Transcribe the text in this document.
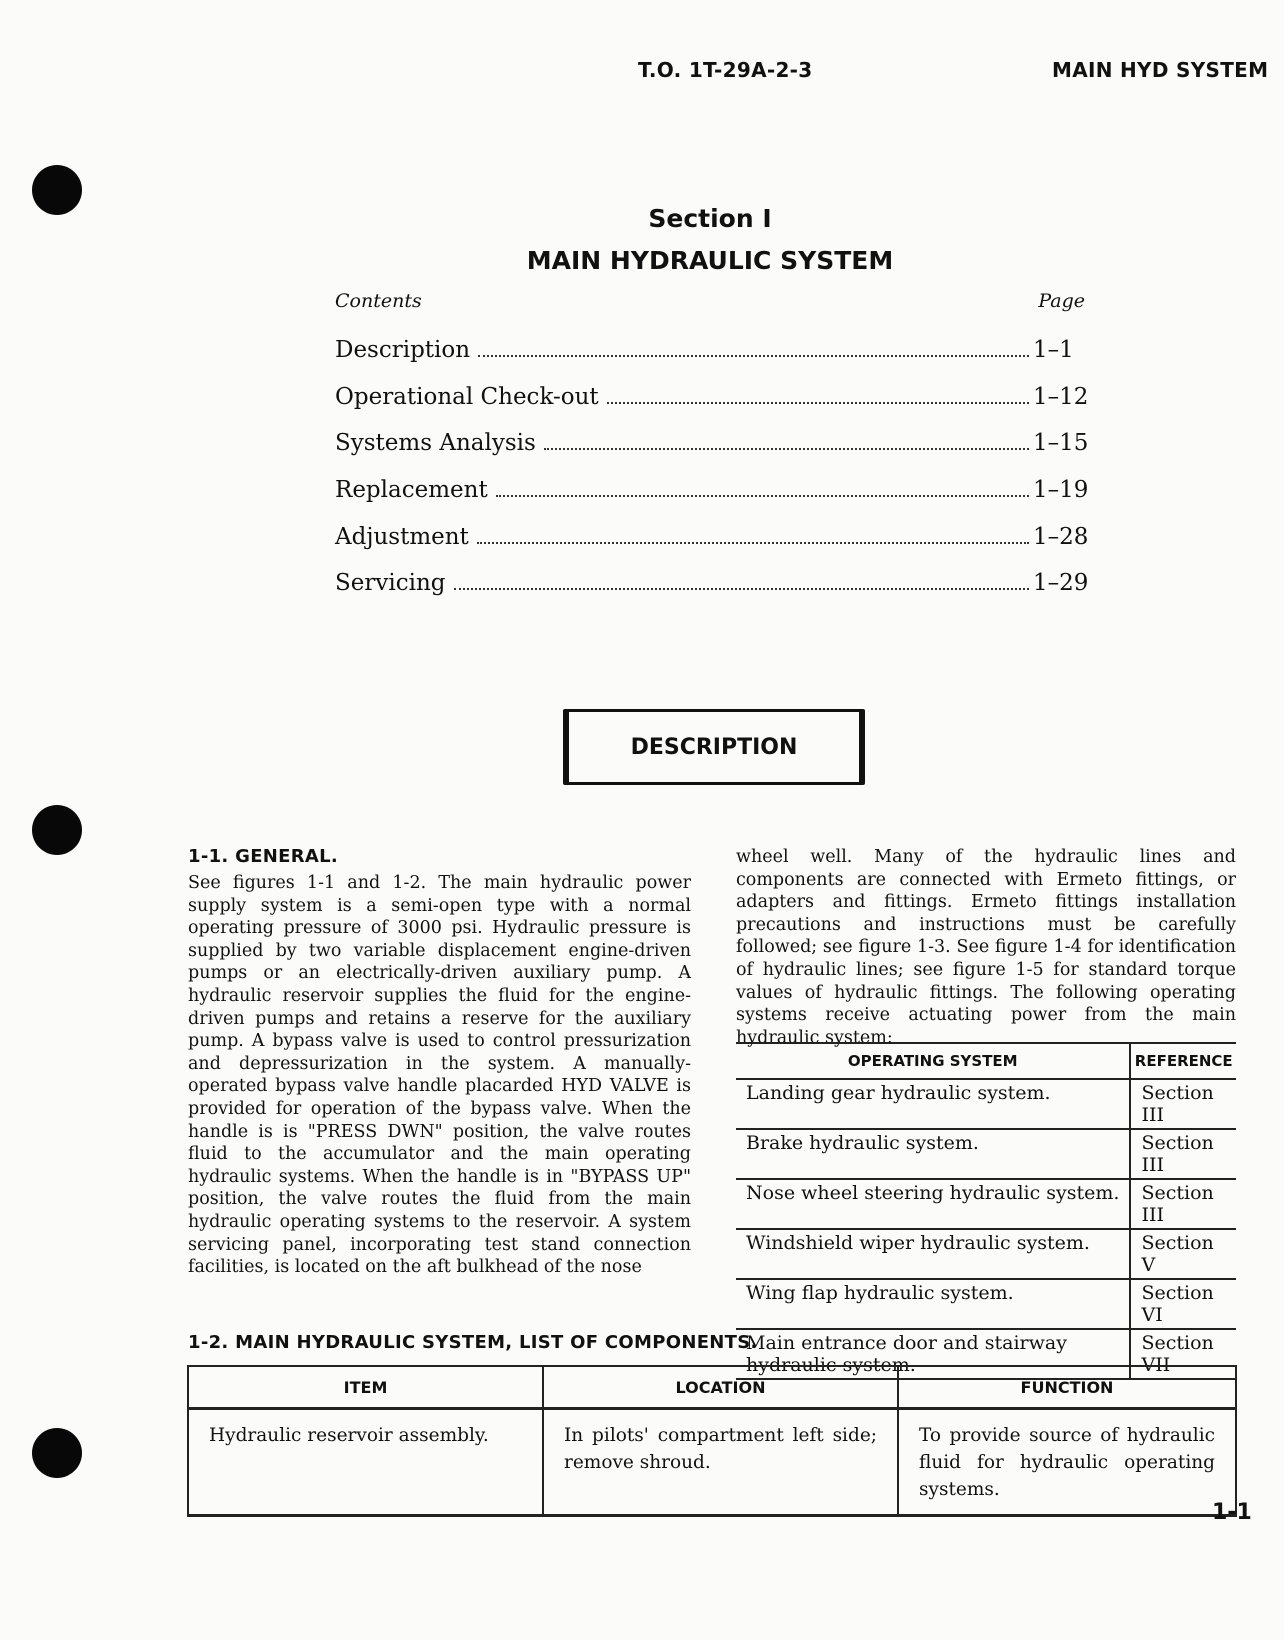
T.O. 1T-29A-2-3	MAIN HYD SYSTEM
Section I
MAIN HYDRAULIC SYSTEM
Contents	Page
Description	1–1
Operational Check-out	1–12
Systems Analysis	1–15
Replacement	1–19
Adjustment	1–28
Servicing	1–29
DESCRIPTION
1-1. GENERAL.
See figures 1-1 and 1-2. The main hydraulic power supply system is a semi-open type with a normal operating pressure of 3000 psi. Hydraulic pressure is supplied by two variable displacement engine-driven pumps or an electrically-driven auxiliary pump. A hydraulic reservoir supplies the fluid for the engine-driven pumps and retains a reserve for the auxiliary pump. A bypass valve is used to control pressurization and depressurization in the system. A manually-operated bypass valve handle placarded HYD VALVE is provided for operation of the bypass valve. When the handle is is "PRESS DWN" position, the valve routes fluid to the accumulator and the main operating hydraulic systems. When the handle is in "BYPASS UP" position, the valve routes the fluid from the main hydraulic operating systems to the reservoir. A system servicing panel, incorporating test stand connection facilities, is located on the aft bulkhead of the nose
wheel well. Many of the hydraulic lines and components are connected with Ermeto fittings, or adapters and fittings. Ermeto fittings installation precautions and instructions must be carefully followed; see figure 1-3. See figure 1-4 for identification of hydraulic lines; see figure 1-5 for standard torque values of hydraulic fittings. The following operating systems receive actuating power from the main hydraulic system:
OPERATING SYSTEM	REFERENCE
Landing gear hydraulic system.	Section III
Brake hydraulic system.	Section III
Nose wheel steering hydraulic system.	Section III
Windshield wiper hydraulic system.	Section V
Wing flap hydraulic system.	Section VI
Main entrance door and stairway hydraulic system.	Section VII
1-2. MAIN HYDRAULIC SYSTEM, LIST OF COMPONENTS.
ITEM	LOCATION	FUNCTION
Hydraulic reservoir assembly.	In pilots' compartment left side; remove shroud.	To provide source of hydraulic fluid for hydraulic operating systems.
1-1
